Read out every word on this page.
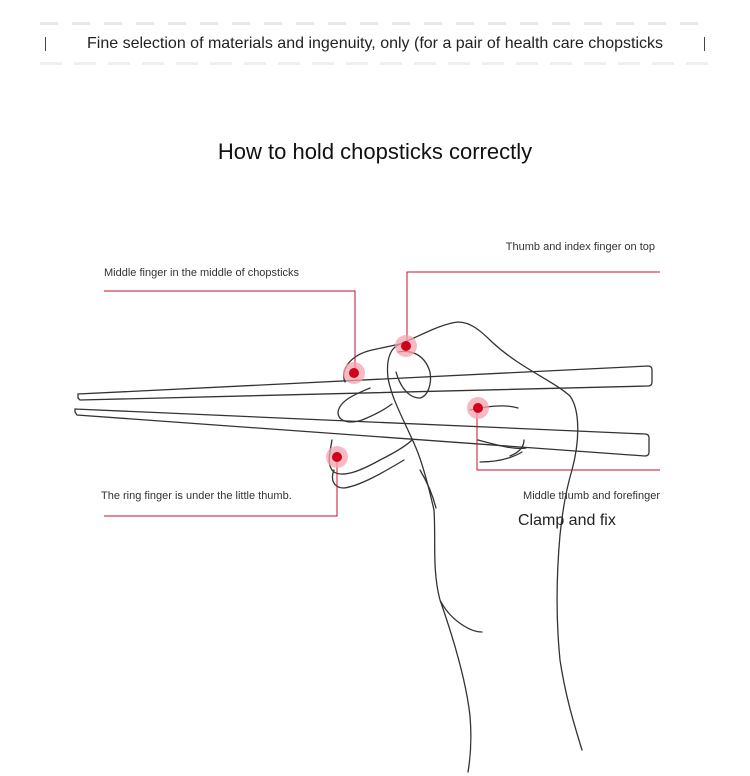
Fine selection of materials and ingenuity, only (for a pair of health care chopsticks
How to hold chopsticks correctly
Middle finger in the middle of chopsticks
Thumb and index finger on top
The ring finger is under the little thumb.	Middle thumb and forefinger
Clamp and fix
